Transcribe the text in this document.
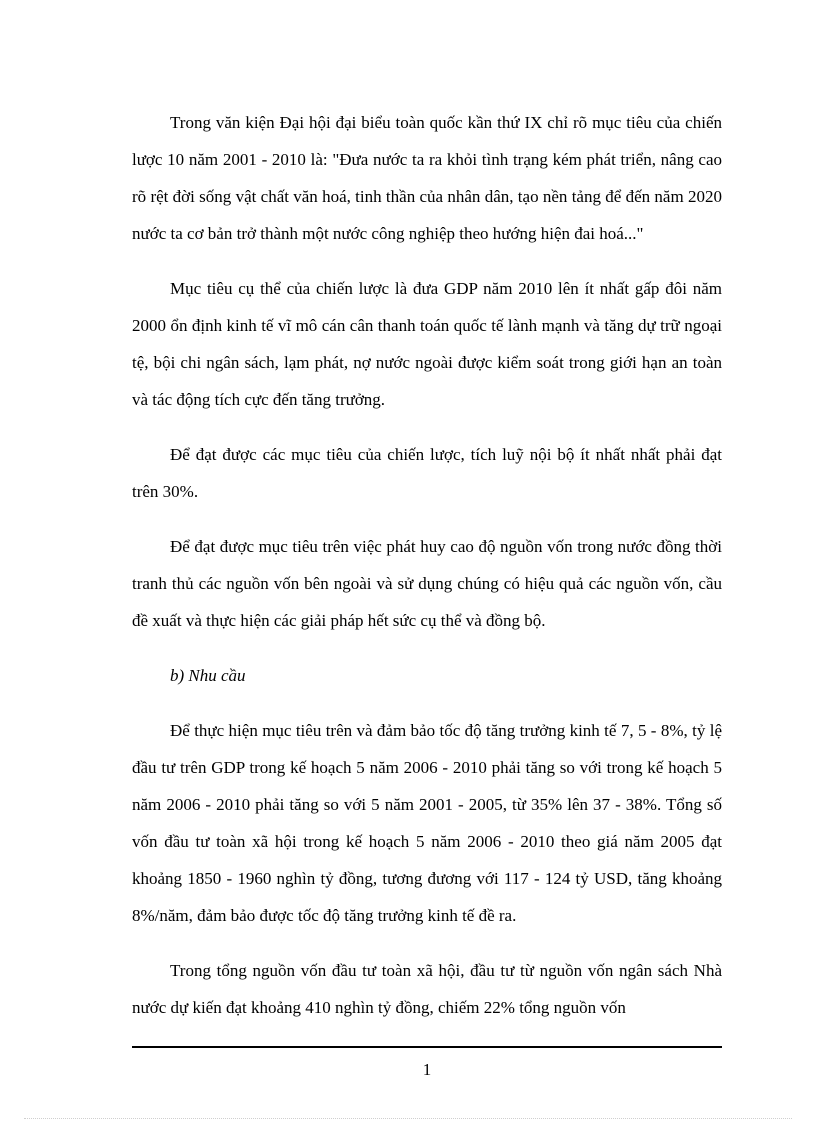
Trong văn kiện Đại hội đại biểu toàn quốc kần thứ IX chỉ rõ mục tiêu của chiến lược 10 năm 2001 - 2010 là: "Đưa nước ta ra khỏi tình trạng kém phát triển, nâng cao rõ rệt đời sống vật chất văn hoá, tinh thần của nhân dân, tạo nền tảng để đến năm 2020 nước ta cơ bản trở thành một nước công nghiệp theo hướng hiện đai hoá..."

Mục tiêu cụ thể của chiến lược là đưa GDP năm 2010 lên ít nhất gấp đôi năm 2000 ổn định kinh tế vĩ mô cán cân thanh toán quốc tế lành mạnh và tăng dự trữ ngoại tệ, bội chi ngân sách, lạm phát, nợ nước ngoài được kiểm soát trong giới hạn an toàn và tác động tích cực đến tăng trưởng.

Để đạt được các mục tiêu của chiến lược, tích luỹ nội bộ ít nhất nhất phải đạt trên 30%.

Để đạt được mục tiêu trên việc phát huy cao độ nguồn vốn trong nước đồng thời tranh thủ các nguồn vốn bên ngoài và sử dụng chúng có hiệu quả các nguồn vốn, cầu đề xuất và thực hiện các giải pháp hết sức cụ thể và đồng bộ.

b) Nhu cầu

Để thực hiện mục tiêu trên và đảm bảo tốc độ tăng trưởng kinh tế 7, 5 - 8%, tỷ lệ đầu tư trên GDP trong kế hoạch 5 năm 2006 - 2010 phải tăng so với trong kế hoạch 5 năm 2006 - 2010 phải tăng so với 5 năm 2001 - 2005, từ 35% lên 37 - 38%. Tổng số vốn đầu tư toàn xã hội trong kế hoạch 5 năm 2006 - 2010 theo giá năm 2005 đạt khoảng 1850 - 1960 nghìn tỷ đồng, tương đương với 117 - 124 tỷ USD, tăng khoảng 8%/năm, đảm bảo được tốc độ tăng trưởng kinh tế đề ra.

Trong tổng nguồn vốn đầu tư toàn xã hội, đầu tư từ nguồn vốn ngân sách Nhà nước dự kiến đạt khoảng 410 nghìn tỷ đồng, chiếm 22% tổng nguồn vốn

1
